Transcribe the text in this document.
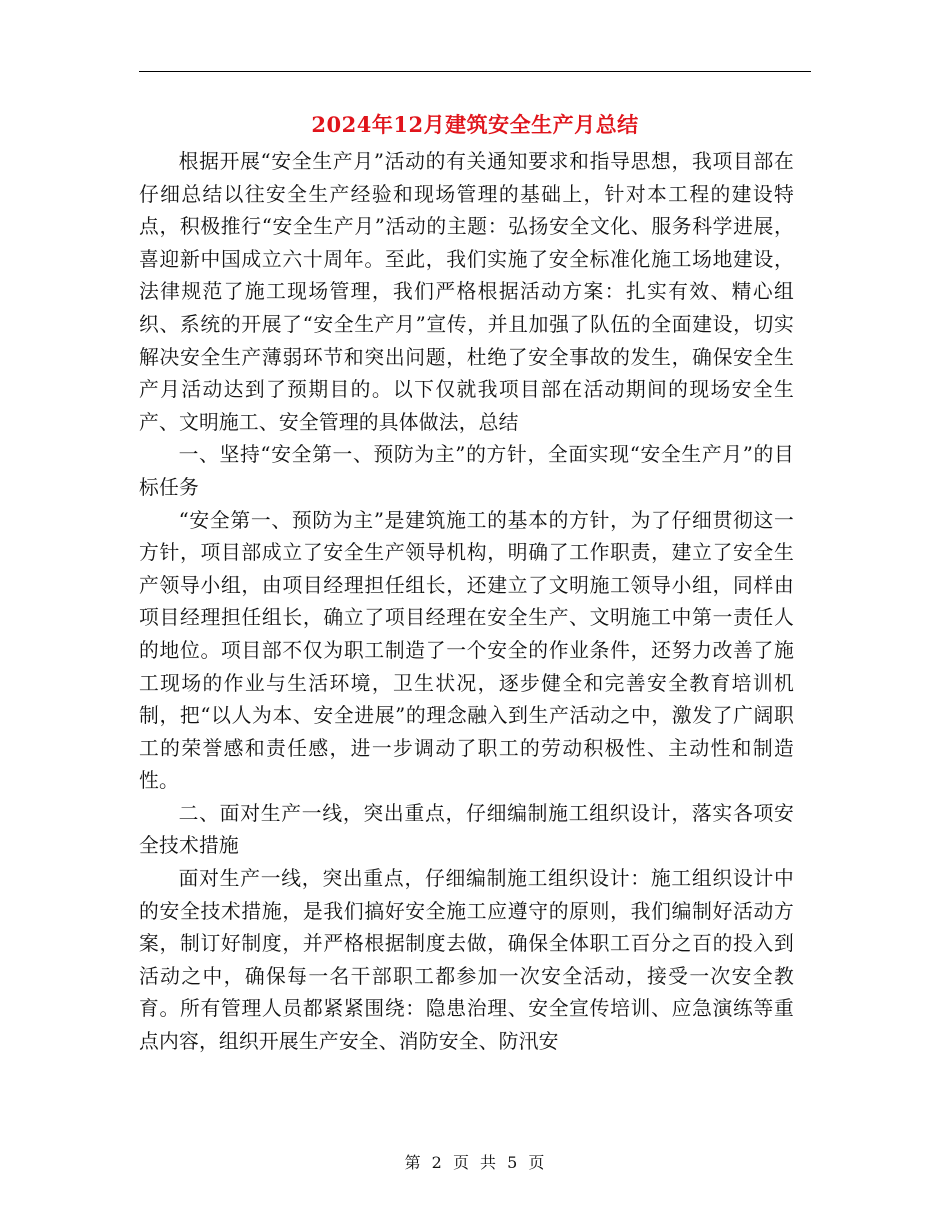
2024年12月建筑安全生产月总结

根据开展“安全生产月”活动的有关通知要求和指导思想，我项目部在仔细总结以往安全生产经验和现场管理的基础上，针对本工程的建设特点，积极推行“安全生产月”活动的主题：弘扬安全文化、服务科学进展，喜迎新中国成立六十周年。至此，我们实施了安全标准化施工场地建设，法律规范了施工现场管理，我们严格根据活动方案：扎实有效、精心组织、系统的开展了“安全生产月”宣传，并且加强了队伍的全面建设，切实解决安全生产薄弱环节和突出问题，杜绝了安全事故的发生，确保安全生产月活动达到了预期目的。以下仅就我项目部在活动期间的现场安全生产、文明施工、安全管理的具体做法，总结

一、坚持“安全第一、预防为主”的方针，全面实现“安全生产月”的目标任务

“安全第一、预防为主”是建筑施工的基本的方针，为了仔细贯彻这一方针，项目部成立了安全生产领导机构，明确了工作职责，建立了安全生产领导小组，由项目经理担任组长，还建立了文明施工领导小组，同样由项目经理担任组长，确立了项目经理在安全生产、文明施工中第一责任人的地位。项目部不仅为职工制造了一个安全的作业条件，还努力改善了施工现场的作业与生活环境，卫生状况，逐步健全和完善安全教育培训机制，把“以人为本、安全进展”的理念融入到生产活动之中，激发了广阔职工的荣誉感和责任感，进一步调动了职工的劳动积极性、主动性和制造性。

二、面对生产一线，突出重点，仔细编制施工组织设计，落实各项安全技术措施

面对生产一线，突出重点，仔细编制施工组织设计：施工组织设计中的安全技术措施，是我们搞好安全施工应遵守的原则，我们编制好活动方案，制订好制度，并严格根据制度去做，确保全体职工百分之百的投入到活动之中，确保每一名干部职工都参加一次安全活动，接受一次安全教育。所有管理人员都紧紧围绕：隐患治理、安全宣传培训、应急演练等重点内容，组织开展生产安全、消防安全、防汛安

第 2 页 共 5 页
